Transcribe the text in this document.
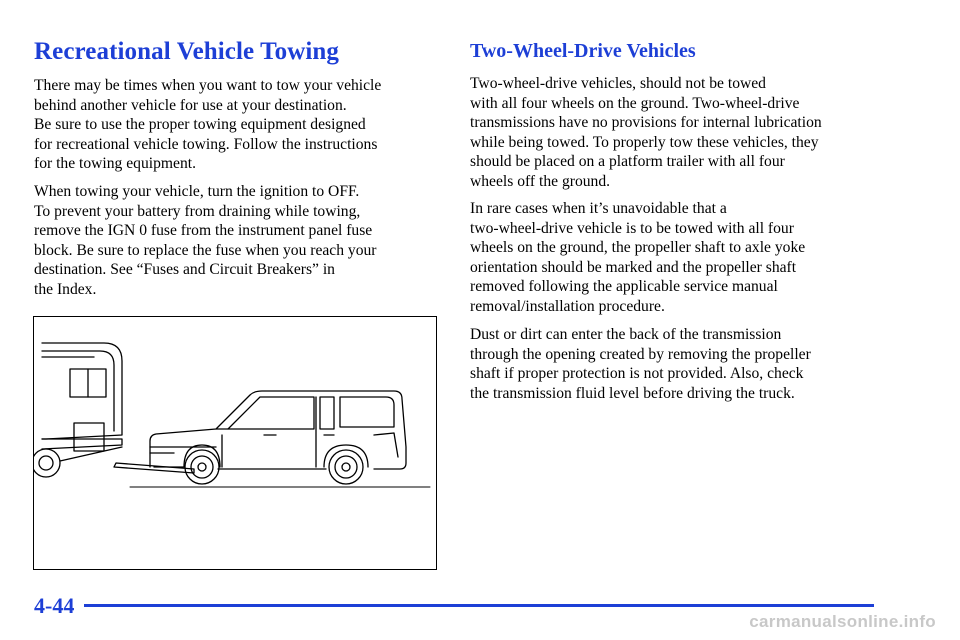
Recreational Vehicle Towing

There may be times when you want to tow your vehicle
behind another vehicle for use at your destination.
Be sure to use the proper towing equipment designed
for recreational vehicle towing. Follow the instructions
for the towing equipment.

When towing your vehicle, turn the ignition to OFF.
To prevent your battery from draining while towing,
remove the IGN 0 fuse from the instrument panel fuse
block. Be sure to replace the fuse when you reach your
destination. See “Fuses and Circuit Breakers” in
the Index.

Two-Wheel-Drive Vehicles

Two-wheel-drive vehicles, should not be towed
with all four wheels on the ground. Two-wheel-drive
transmissions have no provisions for internal lubrication
while being towed. To properly tow these vehicles, they
should be placed on a platform trailer with all four
wheels off the ground.

In rare cases when it’s unavoidable that a
two-wheel-drive vehicle is to be towed with all four
wheels on the ground, the propeller shaft to axle yoke
orientation should be marked and the propeller shaft
removed following the applicable service manual
removal/installation procedure.

Dust or dirt can enter the back of the transmission
through the opening created by removing the propeller
shaft if proper protection is not provided. Also, check
the transmission fluid level before driving the truck.

4-44

carmanualsonline.info
